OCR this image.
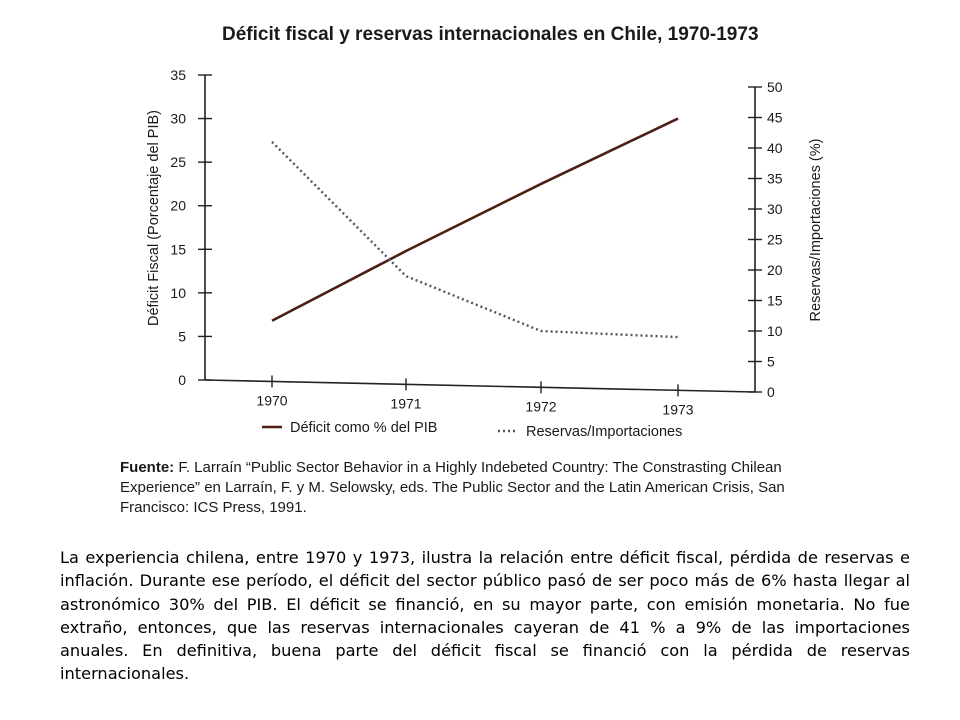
Déficit fiscal y reservas internacionales en Chile, 1970-1973
0
5
10
15
20
25
30
35
0
5
10
15
20
25
30
35
40
45
50
1970	1971	1972	1973
Déficit como % del PIB	Reservas/Importaciones
Déficit Fiscal (Porcentaje del PIB)	Reservas/Importaciones (%)
Fuente: F. Larraín “Public Sector Behavior in a Highly Indebeted Country: The Constrasting Chilean Experience” en Larraín, F. y M. Selowsky, eds. The Public Sector and the Latin American Crisis, San Francisco: ICS Press, 1991.

La experiencia chilena, entre 1970 y 1973, ilustra la relación entre déficit fiscal, pérdida de reservas e inflación. Durante ese período, el déficit del sector público pasó de ser poco más de 6% hasta llegar al astronómico 30% del PIB. El déficit se financió, en su mayor parte, con emisión monetaria. No fue extraño, entonces, que las reservas internacionales cayeran de 41 % a 9% de las importaciones anuales. En definitiva, buena parte del déficit fiscal se financió con la pérdida de reservas internacionales.
